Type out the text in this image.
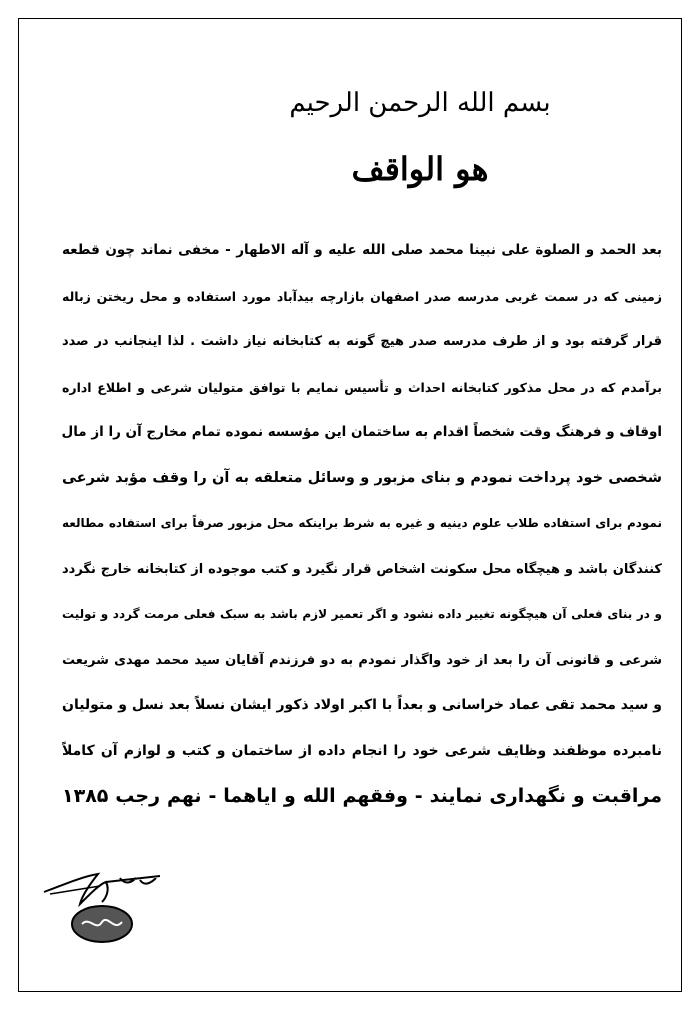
بسم الله الرحمن الرحيم
هو الواقف
بعد الحمد و الصلوة علی نبینا محمد صلی الله علیه و آله الاطهار - مخفی نماند چون قطعه
زمینی که در سمت غربی مدرسه صدر اصفهان بازارچه بیدآباد مورد استفاده و محل ریختن زباله
قرار گرفته بود و از طرف مدرسه صدر هیچ گونه به کتابخانه نیاز داشت . لذا اینجانب در صدد
برآمدم که در محل مذکور کتابخانه احداث و تأسیس نمایم با توافق متولیان شرعی و اطلاع اداره
اوقاف و فرهنگ وقت شخصاً اقدام به ساختمان این مؤسسه نموده تمام مخارج آن را از مال
شخصی خود پرداخت نمودم و بنای مزبور و وسائل متعلقه به آن را وقف مؤبد شرعی
نمودم برای استفاده طلاب علوم دینیه و غیره به شرط براینکه محل مزبور صرفاً برای استفاده مطالعه
کنندگان باشد و هیچگاه محل سکونت اشخاص قرار نگیرد و کتب موجوده از کتابخانه خارج نگردد
و در بنای فعلی آن هیچگونه تغییر داده نشود و اگر تعمیر لازم باشد به سبک فعلی مرمت گردد و تولیت
شرعی و قانونی آن را بعد از خود واگذار نمودم به دو فرزندم آقایان سید محمد مهدی شریعت
و سید محمد تقی عماد خراسانی و بعداً با اکبر اولاد ذکور ایشان نسلاً بعد نسل و متولیان
نامبرده موظفند وظایف شرعی خود را انجام داده از ساختمان و کتب و لوازم آن کاملاً
مراقبت و نگهداری نمایند - وفقهم الله و ایاهما - نهم رجب ۱۳۸۵
